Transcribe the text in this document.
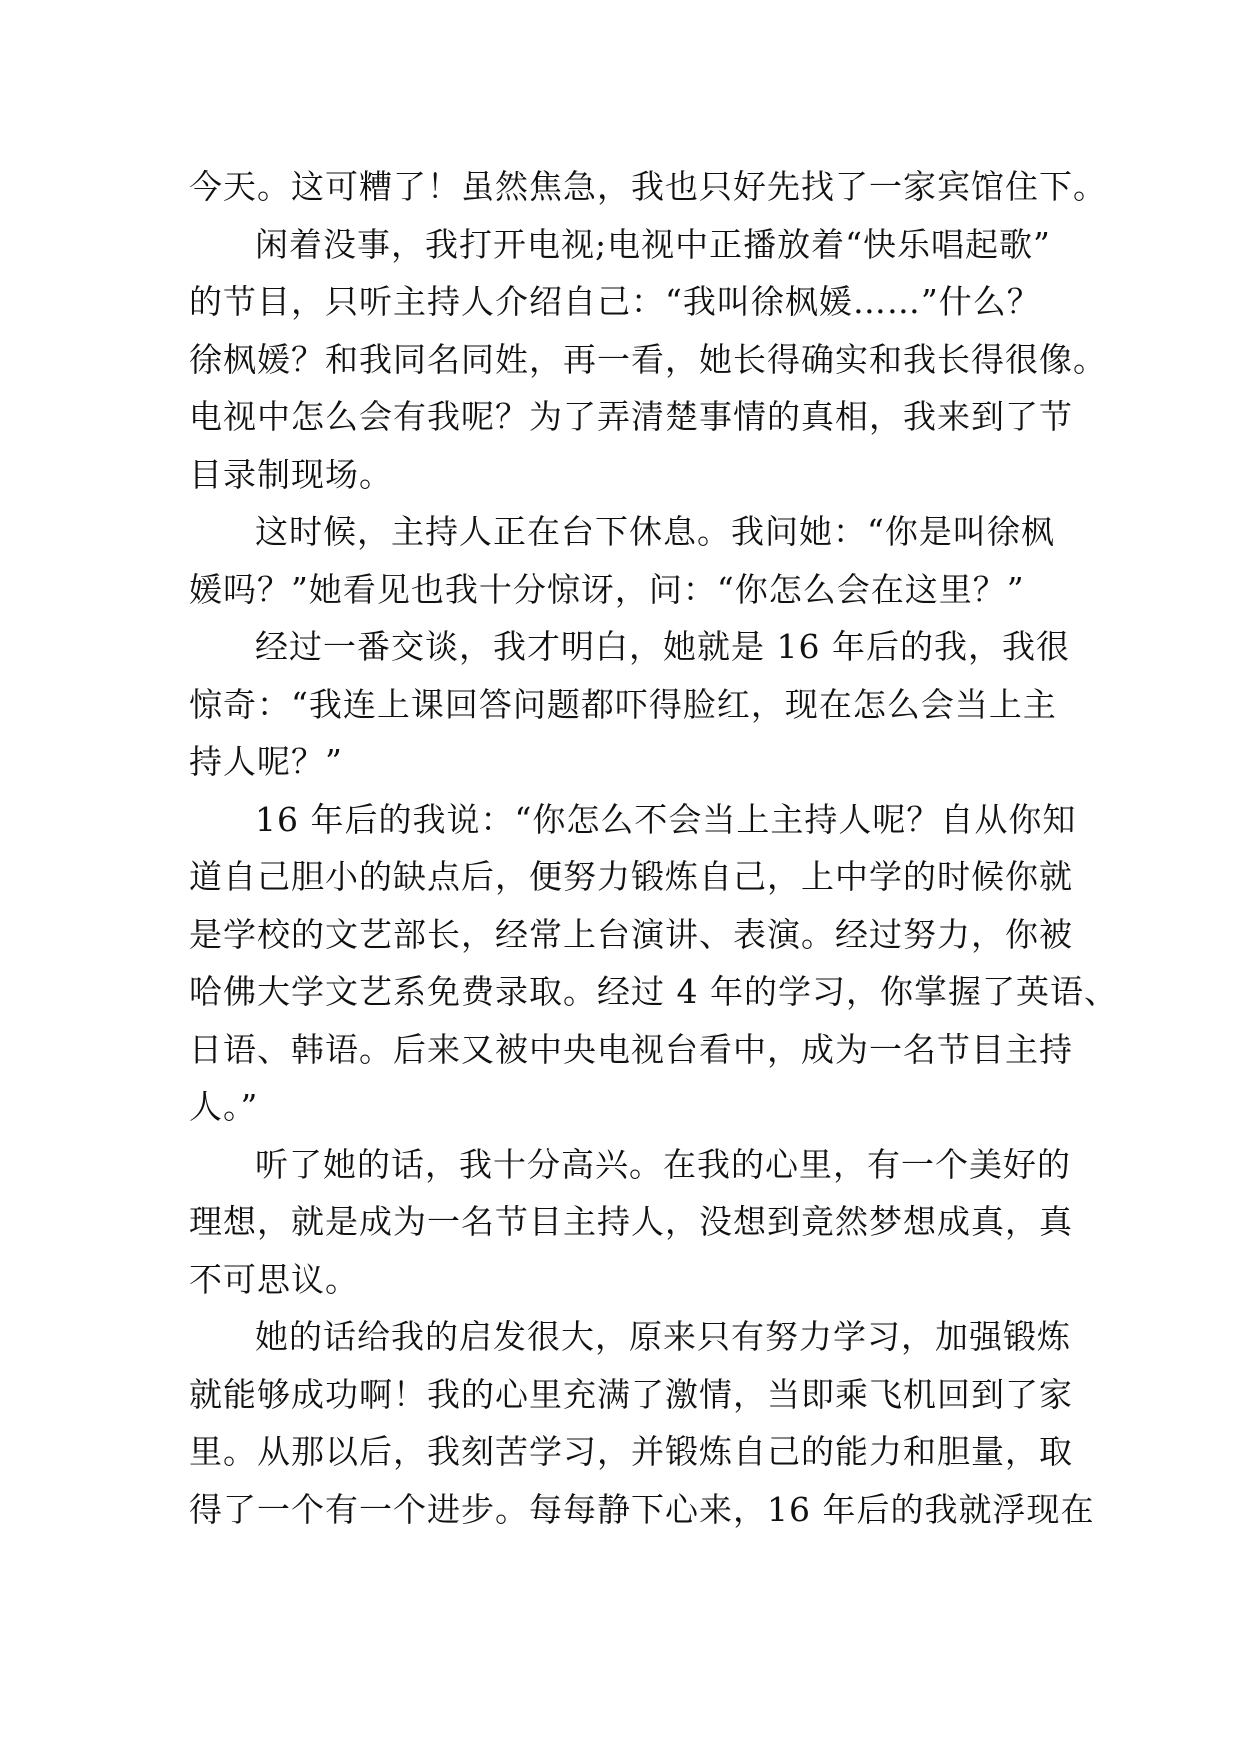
今天。这可糟了！虽然焦急，我也只好先找了一家宾馆住下。
闲着没事，我打开电视;电视中正播放着“快乐唱起歌”
的节目，只听主持人介绍自己：“我叫徐枫媛……”什么？
徐枫媛？和我同名同姓，再一看，她长得确实和我长得很像。
电视中怎么会有我呢？为了弄清楚事情的真相，我来到了节
目录制现场。
这时候，主持人正在台下休息。我问她：“你是叫徐枫
媛吗？”她看见也我十分惊讶，问：“你怎么会在这里？”
经过一番交谈，我才明白，她就是 16 年后的我，我很
惊奇：“我连上课回答问题都吓得脸红，现在怎么会当上主
持人呢？”
16 年后的我说：“你怎么不会当上主持人呢？自从你知
道自己胆小的缺点后，便努力锻炼自己，上中学的时候你就
是学校的文艺部长，经常上台演讲、表演。经过努力，你被
哈佛大学文艺系免费录取。经过 4 年的学习，你掌握了英语、
日语、韩语。后来又被中央电视台看中，成为一名节目主持
人。”
听了她的话，我十分高兴。在我的心里，有一个美好的
理想，就是成为一名节目主持人，没想到竟然梦想成真，真
不可思议。
她的话给我的启发很大，原来只有努力学习，加强锻炼
就能够成功啊！我的心里充满了激情，当即乘飞机回到了家
里。从那以后，我刻苦学习，并锻炼自己的能力和胆量，取
得了一个有一个进步。每每静下心来，16 年后的我就浮现在
